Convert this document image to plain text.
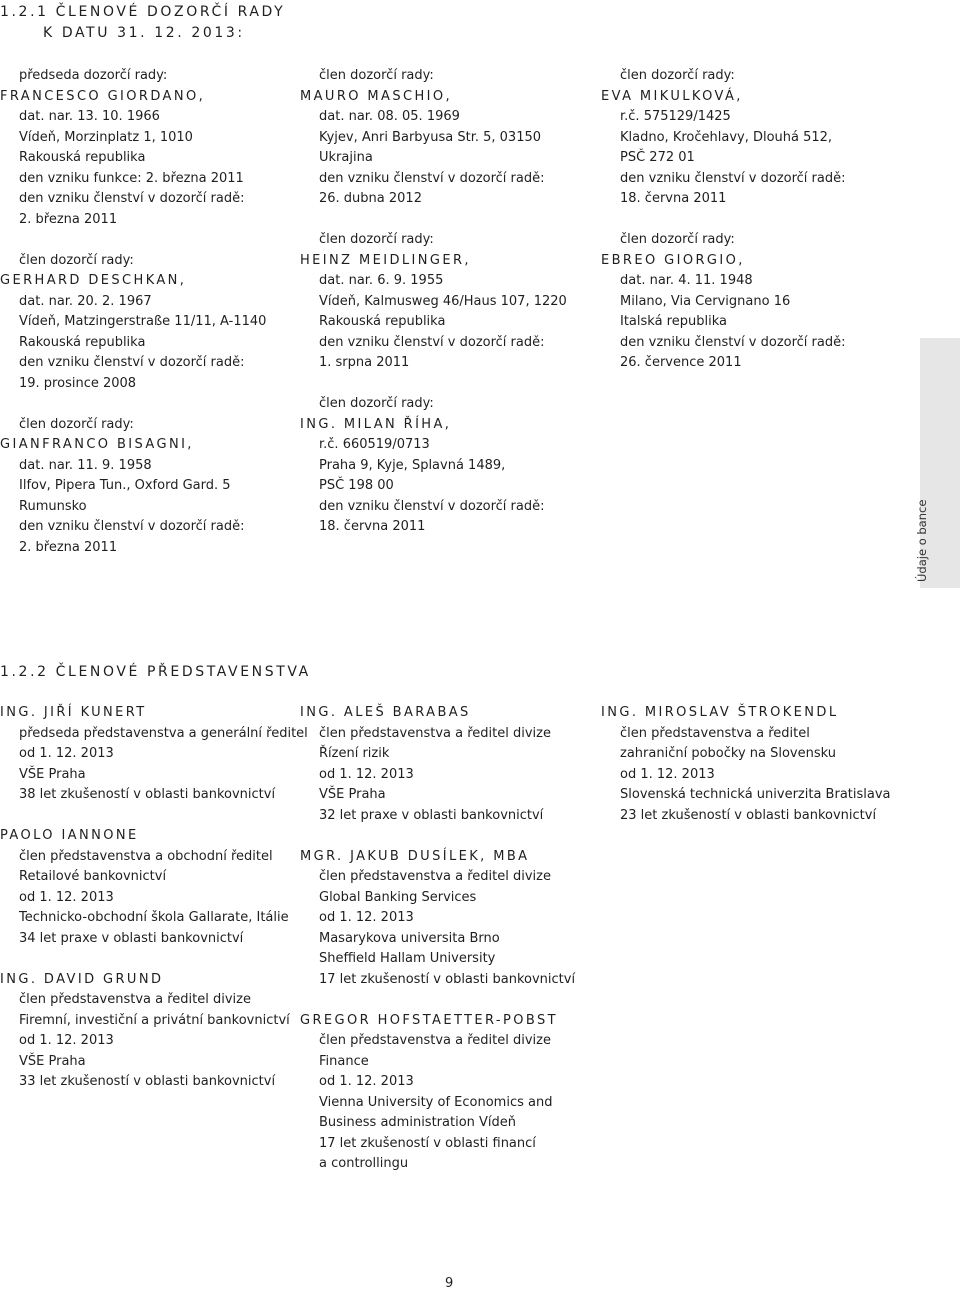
1.2.1 ČLENOVÉ DOZORČÍ RADY
K DATU 31. 12. 2013:
předseda dozorčí rady:
FRANCESCO GIORDANO,
dat. nar. 13. 10. 1966
Vídeň, Morzinplatz 1, 1010
Rakouská republika
den vzniku funkce: 2. března 2011
den vzniku členství v dozorčí radě:
2. března 2011
člen dozorčí rady:
GERHARD DESCHKAN,
dat. nar. 20. 2. 1967
Vídeň, Matzingerstraße 11/11, A-1140
Rakouská republika
den vzniku členství v dozorčí radě:
19. prosince 2008
člen dozorčí rady:
GIANFRANCO BISAGNI,
dat. nar. 11. 9. 1958
Ilfov, Pipera Tun., Oxford Gard. 5
Rumunsko
den vzniku členství v dozorčí radě:
2. března 2011
člen dozorčí rady:
MAURO MASCHIO,
dat. nar. 08. 05. 1969
Kyjev, Anri Barbyusa Str. 5, 03150
Ukrajina
den vzniku členství v dozorčí radě:
26. dubna 2012
člen dozorčí rady:
HEINZ MEIDLINGER,
dat. nar. 6. 9. 1955
Vídeň, Kalmusweg 46/Haus 107, 1220
Rakouská republika
den vzniku členství v dozorčí radě:
1. srpna 2011
člen dozorčí rady:
ING. MILAN ŘÍHA,
r.č. 660519/0713
Praha 9, Kyje, Splavná 1489,
PSČ 198 00
den vzniku členství v dozorčí radě:
18. června 2011
člen dozorčí rady:
EVA MIKULKOVÁ,
r.č. 575129/1425
Kladno, Kročehlavy, Dlouhá 512,
PSČ 272 01
den vzniku členství v dozorčí radě:
18. června 2011
člen dozorčí rady:
EBREO GIORGIO,
dat. nar. 4. 11. 1948
Milano, Via Cervignano 16
Italská republika
den vzniku členství v dozorčí radě:
26. července 2011
1.2.2 ČLENOVÉ PŘEDSTAVENSTVA
ING. JIŘÍ KUNERT
předseda představenstva a generální ředitel
od 1. 12. 2013
VŠE Praha
38 let zkušeností v oblasti bankovnictví
PAOLO IANNONE
člen představenstva a obchodní ředitel
Retailové bankovnictví
od 1. 12. 2013
Technicko-obchodní škola Gallarate, Itálie
34 let praxe v oblasti bankovnictví
ING. DAVID GRUND
člen představenstva a ředitel divize
Firemní, investiční a privátní bankovnictví
od 1. 12. 2013
VŠE Praha
33 let zkušeností v oblasti bankovnictví
ING. ALEŠ BARABAS
člen představenstva a ředitel divize
Řízení rizik
od 1. 12. 2013
VŠE Praha
32 let praxe v oblasti bankovnictví
MGR. JAKUB DUSÍLEK, MBA
člen představenstva a ředitel divize
Global Banking Services
od 1. 12. 2013
Masarykova universita Brno
Sheffield Hallam University
17 let zkušeností v oblasti bankovnictví
GREGOR HOFSTAETTER-POBST
člen představenstva a ředitel divize
Finance
od 1. 12. 2013
Vienna University of Economics and
Business administration Vídeň
17 let zkušeností v oblasti financí
a controllingu
ING. MIROSLAV ŠTROKENDL
člen představenstva a ředitel
zahraniční pobočky na Slovensku
od 1. 12. 2013
Slovenská technická univerzita Bratislava
23 let zkušeností v oblasti bankovnictví
Údaje o bance
9
